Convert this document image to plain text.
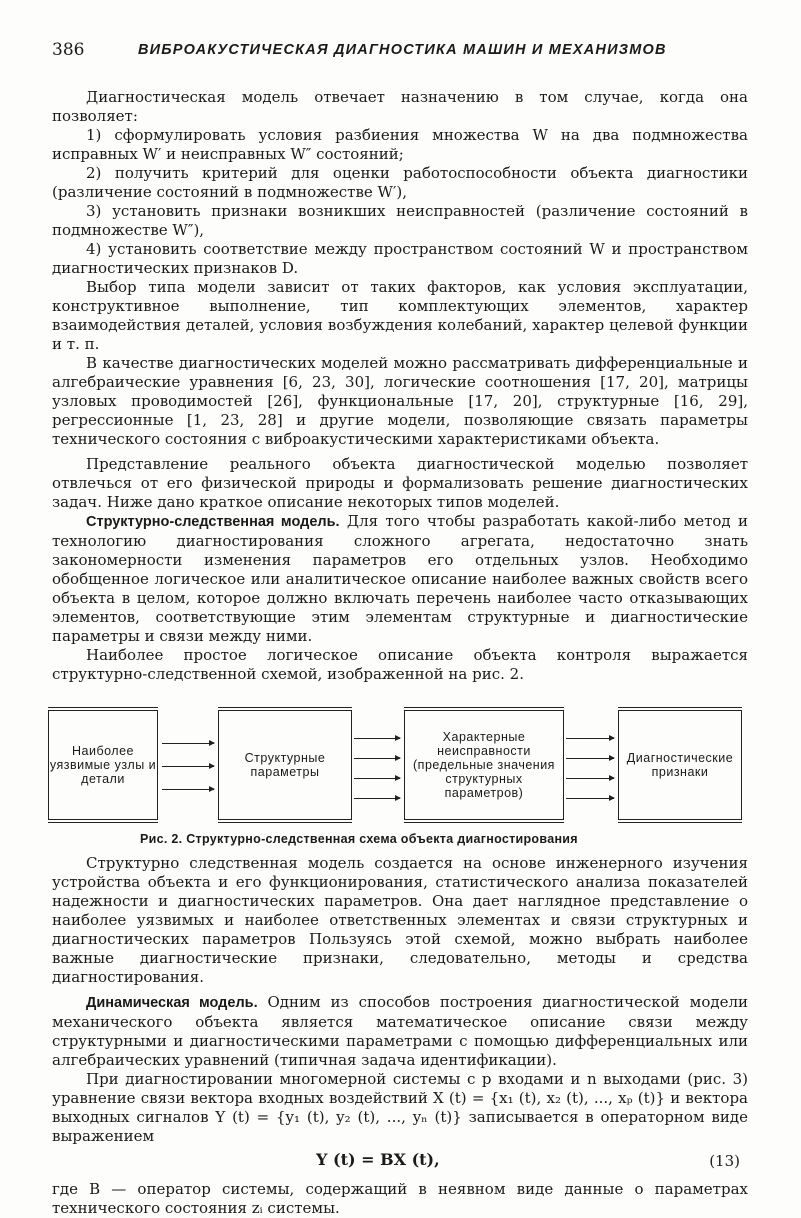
386	ВИБРОАКУСТИЧЕСКАЯ ДИАГНОСТИКА МАШИН И МЕХАНИЗМОВ

Диагностическая модель отвечает назначению в том случае, когда она позволяет:

1) сформулировать условия разбиения множества W на два подмножества исправных W′ и неисправных W″ состояний;

2) получить критерий для оценки работоспособности объекта диагностики (различение состояний в подмножестве W′),

3) установить признаки возникших неисправностей (различение состояний в подмножестве W″),

4) установить соответствие между пространством состояний W и пространством диагностических признаков D.

Выбор типа модели зависит от таких факторов, как условия эксплуатации, конструктивное выполнение, тип комплектующих элементов, характер взаимодействия деталей, условия возбуждения колебаний, характер целевой функции и т. п.

В качестве диагностических моделей можно рассматривать дифференциальные и алгебраические уравнения [6, 23, 30], логические соотношения [17, 20], матрицы узловых проводимостей [26], функциональные [17, 20], структурные [16, 29], регрессионные [1, 23, 28] и другие модели, позволяющие связать параметры технического состояния с виброакустическими характеристиками объекта.

Представление реального объекта диагностической моделью позволяет отвлечься от его физической природы и формализовать решение диагностических задач. Ниже дано краткое описание некоторых типов моделей.

Структурно-следственная модель. Для того чтобы разработать какой-либо метод и технологию диагностирования сложного агрегата, недостаточно знать закономерности изменения параметров его отдельных узлов. Необходимо обобщенное логическое или аналитическое описание наиболее важных свойств всего объекта в целом, которое должно включать перечень наиболее часто отказывающих элементов, соответствующие этим элементам структурные и диагностические параметры и связи между ними.

Наиболее простое логическое описание объекта контроля выражается структурно-следственной схемой, изображенной на рис. 2.

Наиболее уязвимые узлы и детали
Структурные параметры
Характерные неисправности (предельные значения структурных параметров)
Диагностические признаки
Рис. 2. Структурно-следственная схема объекта диагностирования

Структурно следственная модель создается на основе инженерного изучения устройства объекта и его функционирования, статистического анализа показателей надежности и диагностических параметров. Она дает наглядное представление о наиболее уязвимых и наиболее ответственных элементах и связи структурных и диагностических параметров Пользуясь этой схемой, можно выбрать наиболее важные диагностические признаки, следовательно, методы и средства диагностирования.

Динамическая модель. Одним из способов построения диагностической модели механического объекта является математическое описание связи между структурными и диагностическими параметрами с помощью дифференциальных или алгебраических уравнений (типичная задача идентификации).

При диагностировании многомерной системы с p входами и n выходами (рис. 3) уравнение связи вектора входных воздействий X (t) = {x₁ (t), x₂ (t), ..., xₚ (t)} и вектора выходных сигналов Y (t) = {y₁ (t), y₂ (t), ..., yₙ (t)} записывается в операторном виде выражением

Y (t) = BX (t),	(13)

где B — оператор системы, содержащий в неявном виде данные о параметрах технического состояния zᵢ системы.
